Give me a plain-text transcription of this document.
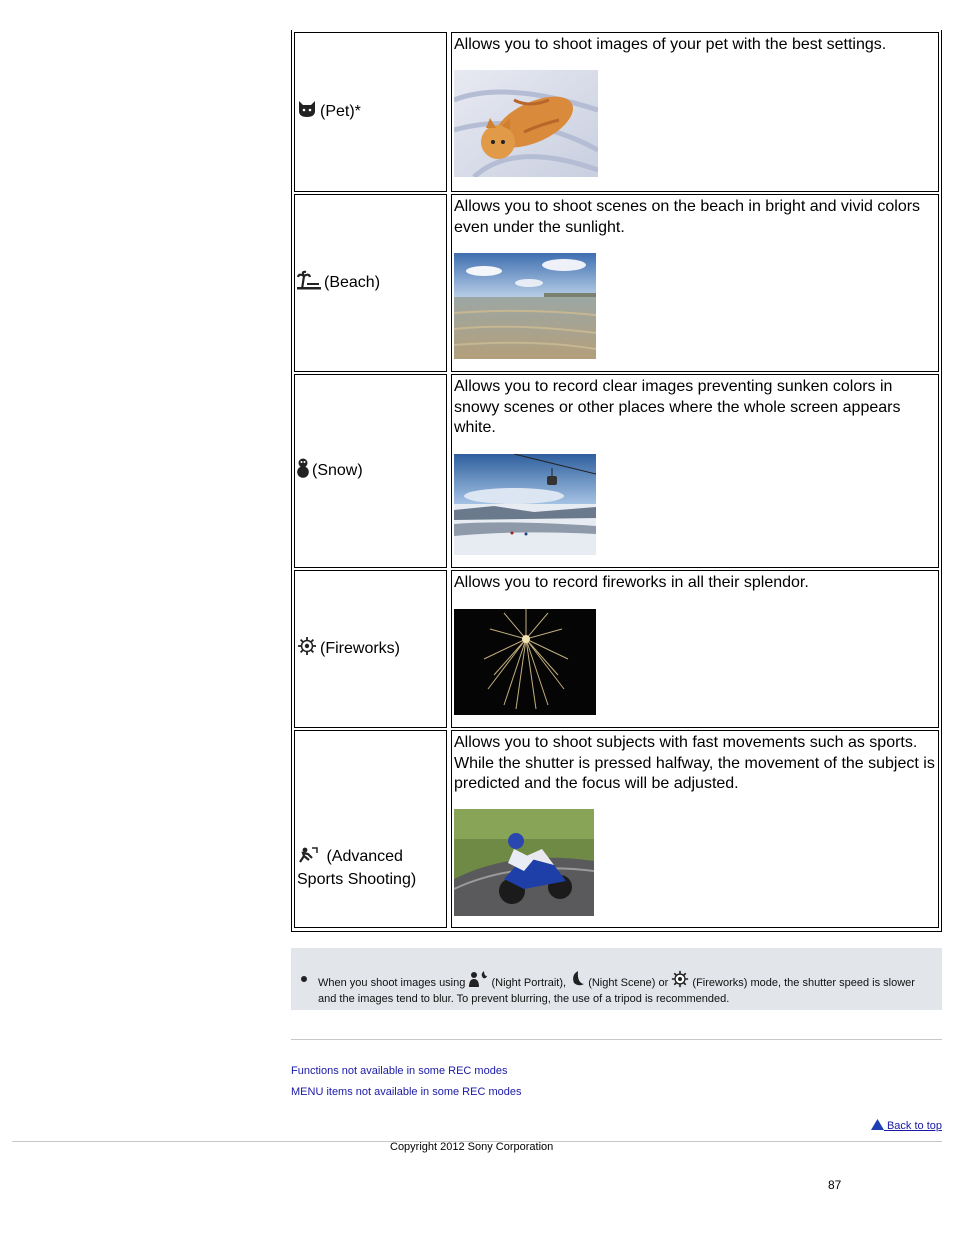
(Pet)*

Allows you to shoot images of your pet with the best settings.

(Beach)

Allows you to shoot scenes on the beach in bright and vivid colors even under the sunlight.

(Snow)

Allows you to record clear images preventing sunken colors in snowy scenes or other places where the whole screen appears white.

(Fireworks)

Allows you to record fireworks in all their splendor.

(Advanced Sports Shooting)

Allows you to shoot subjects with fast movements such as sports. While the shutter is pressed halfway, the movement of the subject is predicted and the focus will be adjusted.

When you shoot images using (Night Portrait), (Night Scene) or (Fireworks) mode, the shutter speed is slower and the images tend to blur. To prevent blurring, the use of a tripod is recommended.
Functions not available in some REC modes
MENU items not available in some REC modes
Back to top
Copyright 2012 Sony Corporation
87
